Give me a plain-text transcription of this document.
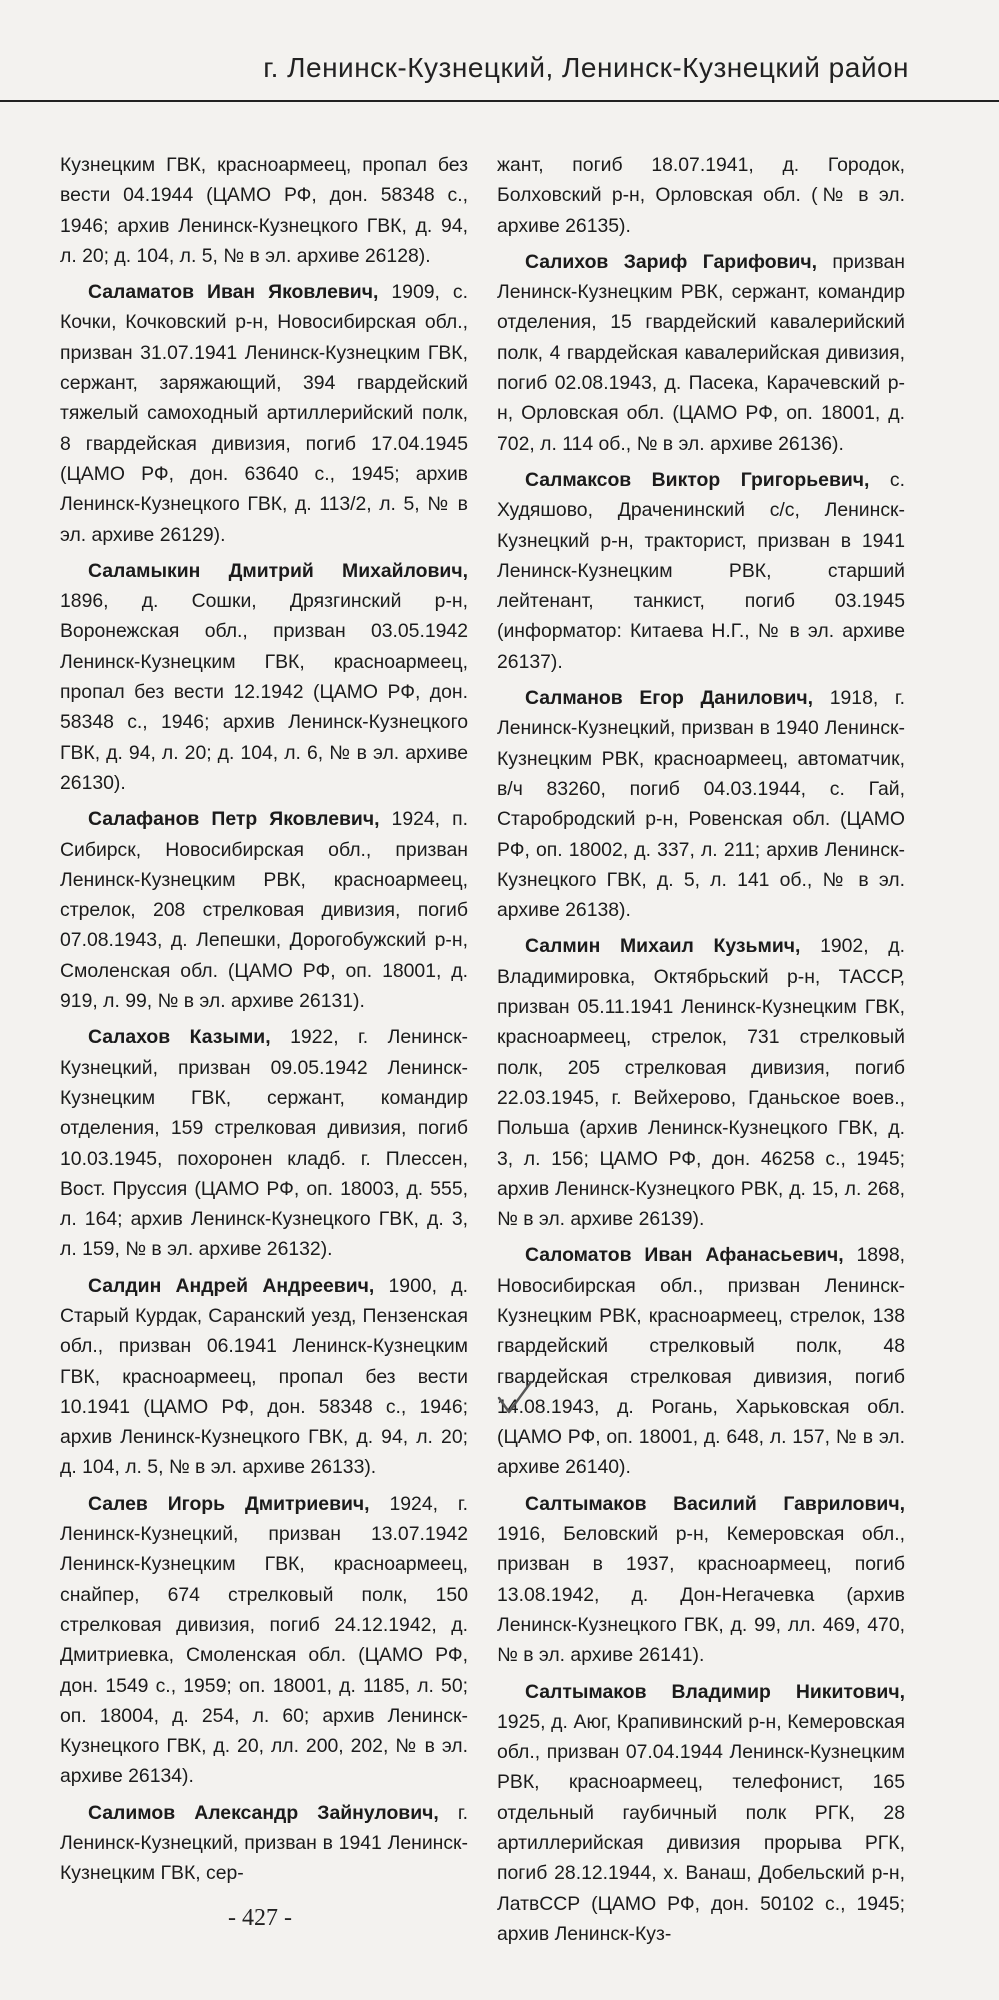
г. Ленинск-Кузнецкий, Ленинск-Кузнецкий район

Кузнецким ГВК, красноармеец, пропал без вести 04.1944 (ЦАМО РФ, дон. 58348 с., 1946; архив Ленинск-Кузнецкого ГВК, д. 94, л. 20; д. 104, л. 5, № в эл. архиве 26128).

Саламатов Иван Яковлевич, 1909, с. Кочки, Кочковский р-н, Новосибирская обл., призван 31.07.1941 Ленинск-Кузнецким ГВК, сержант, заряжающий, 394 гвардейский тяжелый самоходный артиллерийский полк, 8 гвардейская дивизия, погиб 17.04.1945 (ЦАМО РФ, дон. 63640 с., 1945; архив Ленинск-Кузнецкого ГВК, д. 113/2, л. 5, № в эл. архиве 26129).

Саламыкин Дмитрий Михайлович, 1896, д. Сошки, Дрязгинский р-н, Воронежская обл., призван 03.05.1942 Ленинск-Кузнецким ГВК, красноармеец, пропал без вести 12.1942 (ЦАМО РФ, дон. 58348 с., 1946; архив Ленинск-Кузнецкого ГВК, д. 94, л. 20; д. 104, л. 6, № в эл. архиве 26130).

Салафанов Петр Яковлевич, 1924, п. Сибирск, Новосибирская обл., призван Ленинск-Кузнецким РВК, красноармеец, стрелок, 208 стрелковая дивизия, погиб 07.08.1943, д. Лепешки, Дорогобужский р-н, Смоленская обл. (ЦАМО РФ, оп. 18001, д. 919, л. 99, № в эл. архиве 26131).

Салахов Казыми, 1922, г. Ленинск-Кузнецкий, призван 09.05.1942 Ленинск-Кузнецким ГВК, сержант, командир отделения, 159 стрелковая дивизия, погиб 10.03.1945, похоронен кладб. г. Плессен, Вост. Пруссия (ЦАМО РФ, оп. 18003, д. 555, л. 164; архив Ленинск-Кузнецкого ГВК, д. 3, л. 159, № в эл. архиве 26132).

Салдин Андрей Андреевич, 1900, д. Старый Курдак, Саранский уезд, Пензенская обл., призван 06.1941 Ленинск-Кузнецким ГВК, красноармеец, пропал без вести 10.1941 (ЦАМО РФ, дон. 58348 с., 1946; архив Ленинск-Кузнецкого ГВК, д. 94, л. 20; д. 104, л. 5, № в эл. архиве 26133).

Салев Игорь Дмитриевич, 1924, г. Ленинск-Кузнецкий, призван 13.07.1942 Ленинск-Кузнецким ГВК, красноармеец, снайпер, 674 стрелковый полк, 150 стрелковая дивизия, погиб 24.12.1942, д. Дмитриевка, Смоленская обл. (ЦАМО РФ, дон. 1549 с., 1959; оп. 18001, д. 1185, л. 50; оп. 18004, д. 254, л. 60; архив Ленинск-Кузнецкого ГВК, д. 20, лл. 200, 202, № в эл. архиве 26134).

Салимов Александр Зайнулович, г. Ленинск-Кузнецкий, призван в 1941 Ленинск-Кузнецким ГВК, сер-

жант, погиб 18.07.1941, д. Городок, Болховский р-н, Орловская обл. (№ в эл. архиве 26135).

Салихов Зариф Гарифович, призван Ленинск-Кузнецким РВК, сержант, командир отделения, 15 гвардейский кавалерийский полк, 4 гвардейская кавалерийская дивизия, погиб 02.08.1943, д. Пасека, Карачевский р-н, Орловская обл. (ЦАМО РФ, оп. 18001, д. 702, л. 114 об., № в эл. архиве 26136).

Салмаксов Виктор Григорьевич, с. Худяшово, Драченинский с/с, Ленинск-Кузнецкий р-н, тракторист, призван в 1941 Ленинск-Кузнецким РВК, старший лейтенант, танкист, погиб 03.1945 (информатор: Китаева Н.Г., № в эл. архиве 26137).

Салманов Егор Данилович, 1918, г. Ленинск-Кузнецкий, призван в 1940 Ленинск-Кузнецким РВК, красноармеец, автоматчик, в/ч 83260, погиб 04.03.1944, с. Гай, Старобродский р-н, Ровенская обл. (ЦАМО РФ, оп. 18002, д. 337, л. 211; архив Ленинск-Кузнецкого ГВК, д. 5, л. 141 об., № в эл. архиве 26138).

Салмин Михаил Кузьмич, 1902, д. Владимировка, Октябрьский р-н, ТАССР, призван 05.11.1941 Ленинск-Кузнецким ГВК, красноармеец, стрелок, 731 стрелковый полк, 205 стрелковая дивизия, погиб 22.03.1945, г. Вейхерово, Гданьское воев., Польша (архив Ленинск-Кузнецкого ГВК, д. 3, л. 156; ЦАМО РФ, дон. 46258 с., 1945; архив Ленинск-Кузнецкого РВК, д. 15, л. 268, № в эл. архиве 26139).

Саломатов Иван Афанасьевич, 1898, Новосибирская обл., призван Ленинск-Кузнецким РВК, красноармеец, стрелок, 138 гвардейский стрелковый полк, 48 гвардейская стрелковая дивизия, погиб 14.08.1943, д. Рогань, Харьковская обл. (ЦАМО РФ, оп. 18001, д. 648, л. 157, № в эл. архиве 26140).

Салтымаков Василий Гаврилович, 1916, Беловский р-н, Кемеровская обл., призван в 1937, красноармеец, погиб 13.08.1942, д. Дон-Негачевка (архив Ленинск-Кузнецкого ГВК, д. 99, лл. 469, 470, № в эл. архиве 26141).

Салтымаков Владимир Никитович, 1925, д. Аюг, Крапивинский р-н, Кемеровская обл., призван 07.04.1944 Ленинск-Кузнецким РВК, красноармеец, телефонист, 165 отдельный гаубичный полк РГК, 28 артиллерийская дивизия прорыва РГК, погиб 28.12.1944, х. Ванаш, Добельский р-н, ЛатвССР (ЦАМО РФ, дон. 50102 с., 1945; архив Ленинск-Куз-

- 427 -
